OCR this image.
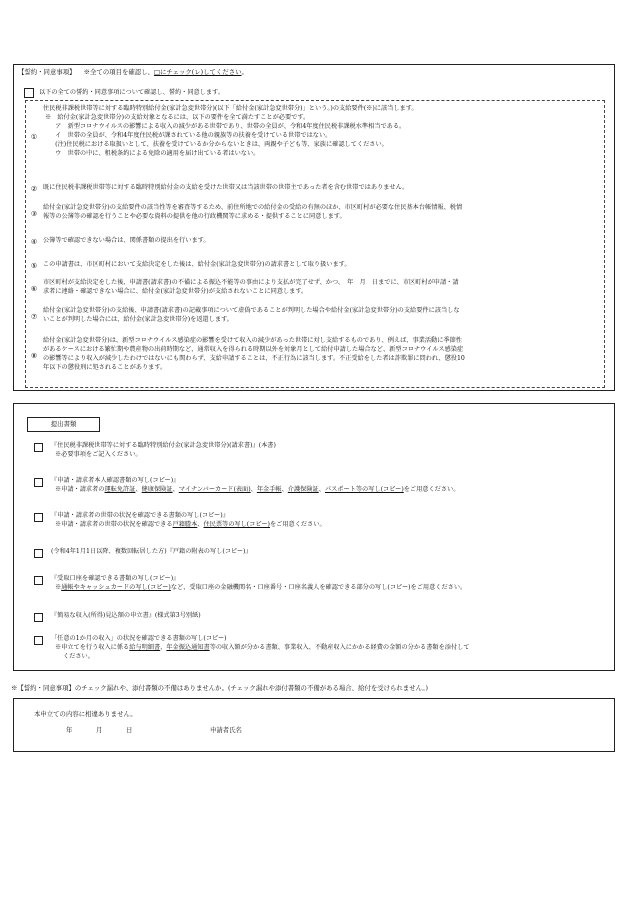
【誓約・同意事項】 ※全ての項目を確認し、□にチェック(レ)してください。
以下の全ての誓約・同意事項について確認し、誓約・同意します。
①
住民税非課税世帯等に対する臨時特別給付金(家計急変世帯分)(以下「給付金(家計急変世帯分)」という。)の支給要件(※)に該当します。
※　給付金(家計急変世帯分)の支給対象となるには、以下の要件を全て満たすことが必要です。
　ア　新型コロナウイルスの影響による収入の減少がある世帯であり、世帯の全員が、令和4年度住民税非課税水準相当である。
　イ　世帯の全員が、令和4年度住民税が課されている他の親族等の扶養を受けている世帯ではない。
　(注)住民税における取扱いとして、扶養を受けているか分からないときは、両親や子ども等、家族に確認してください。
　ウ　世帯の中に、租税条約による免除の適用を届け出ている者はいない。
② 既に住民税非課税世帯等に対する臨時特別給付金の支給を受けた世帯又は当該世帯の世帯主であった者を含む世帯ではありません。
③
給付金(家計急変世帯分)の支給要件の該当性等を審査等するため、前住所地での給付金の受給の有無のほか、市区町村が必要な住民基本台帳情報、税情
報等の公簿等の確認を行うことや必要な資料の提供を他の行政機関等に求める・提供することに同意します。
④ 公簿等で確認できない場合は、関係書類の提出を行います。
⑤ この申請書は、市区町村において支給決定をした後は、給付金(家計急変世帯分)の請求書として取り扱います。
⑥
市区町村が支給決定をした後、申請書(請求書)の不備による振込不能等の事由により支払が完了せず、かつ、　年　月　日までに、市区町村が申請・請
求者に連絡・確認できない場合に、給付金(家計急変世帯分)が支給されないことに同意します。
⑦
給付金(家計急変世帯分)の支給後、申請書(請求書)の記載事項について虚偽であることが判明した場合や給付金(家計急変世帯分)の支給要件に該当しな
いことが判明した場合には、給付金(家計急変世帯分)を返還します。
⑧
給付金(家計急変世帯分)は、新型コロナウイルス感染症の影響を受けて収入の減少があった世帯に対し支給するものであり、例えば、事業活動に季節性
があるケースにおける繁忙期や農産物の出荷時期など、通常収入を得られる時期以外を対象月として給付申請した場合など、新型コロナウイルス感染症
の影響等により収入が減少したわけではないにも関わらず、支給申請することは、不正行為に該当します。不正受給をした者は詐欺罪に問われ、懲役10
年以下の懲役刑に処されることがあります。
提出書類
『住民税非課税世帯等に対する臨時特別給付金(家計急変世帯分)(請求書)』(本書)
※必要事項をご記入ください。
『申請・請求者本人確認書類の写し(コピー)』
※申請・請求者の運転免許証、健康保険証、マイナンバーカード(表面)、年金手帳、介護保険証、パスポート等の写し(コピー)をご用意ください。
『申請・請求者の世帯の状況を確認できる書類の写し(コピー)』
※申請・請求者の世帯の状況を確認できる戸籍謄本、住民票等の写し(コピー)をご用意ください。
(令和4年1月1日以降、複数回転居した方)『戸籍の附表の写し(コピー)』
『受取口座を確認できる書類の写し(コピー)』
※通帳やキャッシュカードの写し(コピー)など、受取口座の金融機関名・口座番号・口座名義人を確認できる部分の写し(コピー)をご用意ください。
『簡易な収入(所得)見込額の申立書』(様式第3号別紙)
「任意の1か月の収入」の状況を確認できる書類の写し(コピー)
※申立てを行う収入に係る給与明細書、年金振込通知書等の収入額が分かる書類、事業収入、不動産収入にかかる経費の金額の分かる書類を添付して
ください。
※【誓約・同意事項】のチェック漏れや、添付書類の不備はありませんか。(チェック漏れや添付書類の不備がある場合、給付を受けられません。)
本申立ての内容に相違ありません。
年	月	日	申請者氏名
